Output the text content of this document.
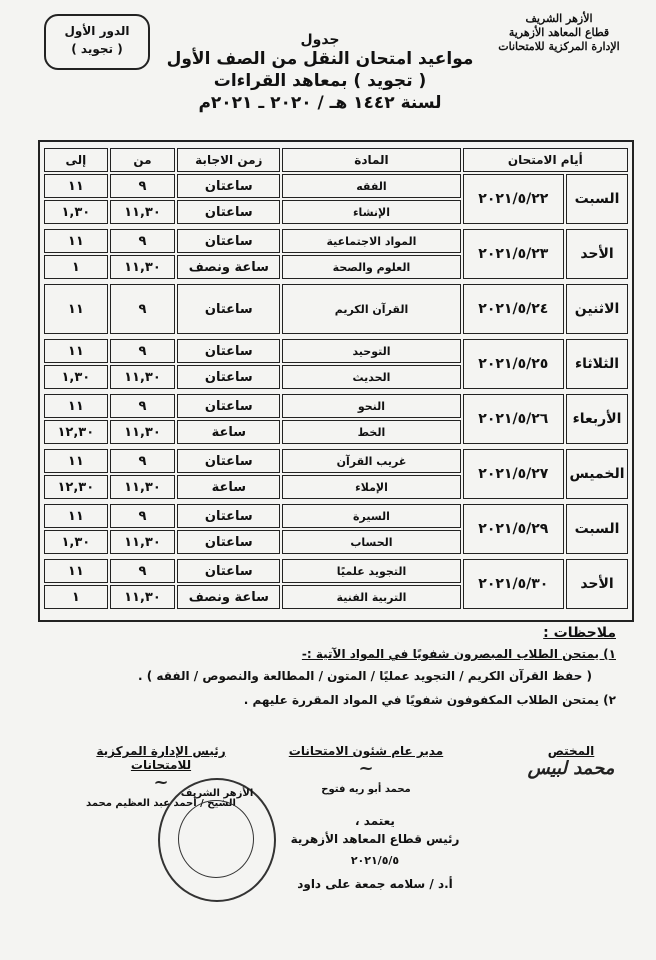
الدور الأول
( تجويد )
الأزهر الشريف
قطاع المعاهد الأزهرية
الإدارة المركزية للامتحانات
جدول
مواعيد امتحان النقل من الصف الأول
( تجويد ) بمعاهد القراءات
لسنة ١٤٤٢ هـ / ٢٠٢٠ ـ ٢٠٢١م
أيام الامتحان		المادة	زمن الاجابة	من	إلى
السبت	٢٠٢١/٥/٢٢	الفقه	ساعتان	٩	١١
		الإنشاء	ساعتان	١١,٣٠	١,٣٠

الأحد	٢٠٢١/٥/٢٣	المواد الاجتماعية	ساعتان	٩	١١
		العلوم والصحة	ساعة ونصف	١١,٣٠	١

الاثنين	٢٠٢١/٥/٢٤	القرآن الكريم	ساعتان	٩	١١

الثلاثاء	٢٠٢١/٥/٢٥	التوحيد	ساعتان	٩	١١
		الحديث	ساعتان	١١,٣٠	١,٣٠

الأربعاء	٢٠٢١/٥/٢٦	النحو	ساعتان	٩	١١
		الخط	ساعة	١١,٣٠	١٢,٣٠

الخميس	٢٠٢١/٥/٢٧	غريب القرآن	ساعتان	٩	١١
		الإملاء	ساعة	١١,٣٠	١٢,٣٠

السبت	٢٠٢١/٥/٢٩	السيرة	ساعتان	٩	١١
		الحساب	ساعتان	١١,٣٠	١,٣٠

الأحد	٢٠٢١/٥/٣٠	التجويد علميًا	ساعتان	٩	١١
		التربية الفنية	ساعة ونصف	١١,٣٠	١
ملاحظات :

١) يمتحن الطلاب المبصرون شفويًا في المواد الآتية :-

( حفظ القرآن الكريم / التجويد عمليًا / المتون / المطالعة والنصوص / الفقه ) .

٢) يمتحن الطلاب المكفوفون شفويًا في المواد المقررة عليهم .

المختص
محمد لبيس
مدير عام شئون الامتحانات
~
محمد أبو ريه فتوح
رئيس الإدارة المركزية للامتحانات
~
الشيخ / أحمد عبد العظيم محمد
يعتمد ،
رئيس قطاع المعاهد الأزهرية
٢٠٢١/٥/٥
أ.د / سلامه جمعة على داود
الأزهر الشريف
